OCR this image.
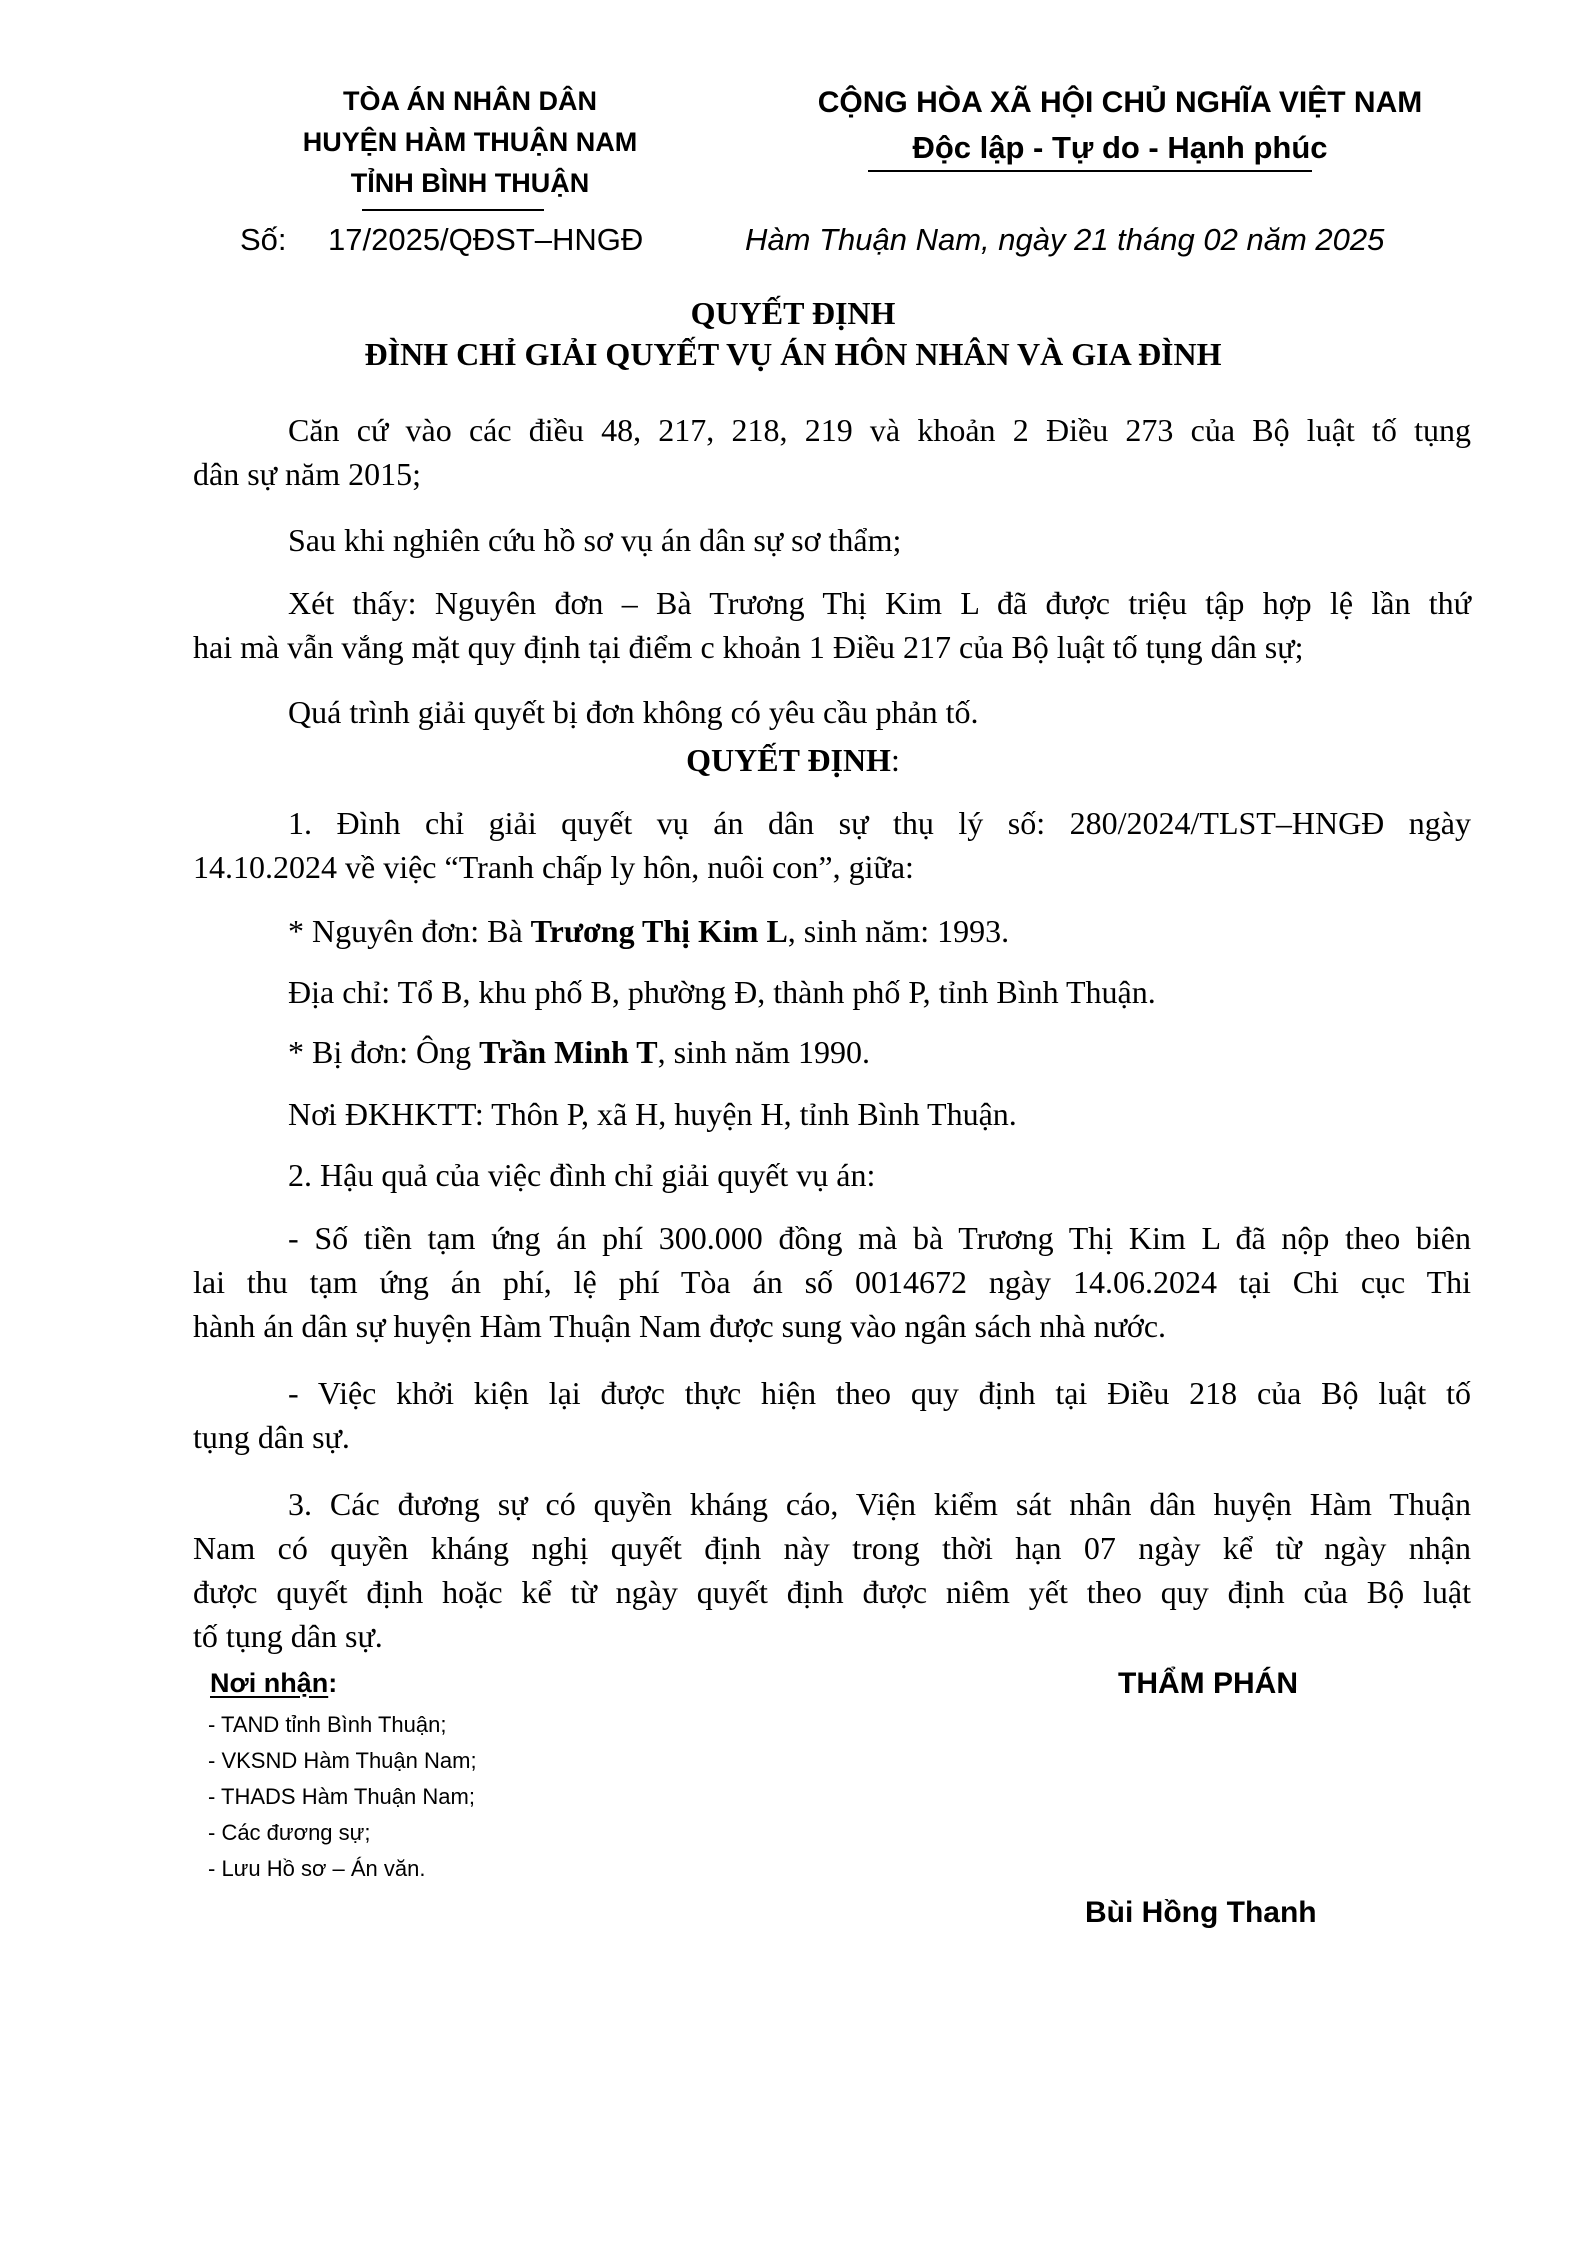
TÒA ÁN NHÂN DÂN
HUYỆN HÀM THUẬN NAM
TỈNH BÌNH THUẬN
CỘNG HÒA XÃ HỘI CHỦ NGHĨA VIỆT NAM
Độc lập - Tự do - Hạnh phúc
Số: 17/2025/QĐST–HNGĐ	Hàm Thuận Nam, ngày 21 tháng 02 năm 2025
QUYẾT ĐỊNH
ĐÌNH CHỈ GIẢI QUYẾT VỤ ÁN HÔN NHÂN VÀ GIA ĐÌNH
Căn cứ vào các điều 48, 217, 218, 219 và khoản 2 Điều 273 của Bộ luật tố tụng
dân sự năm 2015;
Sau khi nghiên cứu hồ sơ vụ án dân sự sơ thẩm;
Xét thấy: Nguyên đơn – Bà Trương Thị Kim L đã được triệu tập hợp lệ lần thứ
hai mà vẫn vắng mặt quy định tại điểm c khoản 1 Điều 217 của Bộ luật tố tụng dân sự;
Quá trình giải quyết bị đơn không có yêu cầu phản tố.
QUYẾT ĐỊNH:
1. Đình chỉ giải quyết vụ án dân sự thụ lý số: 280/2024/TLST–HNGĐ ngày
14.10.2024 về việc “Tranh chấp ly hôn, nuôi con”, giữa:
* Nguyên đơn: Bà Trương Thị Kim L, sinh năm: 1993.
Địa chỉ: Tổ B, khu phố B, phường Đ, thành phố P, tỉnh Bình Thuận.
* Bị đơn: Ông Trần Minh T, sinh năm 1990.
Nơi ĐKHKTT: Thôn P, xã H, huyện H, tỉnh Bình Thuận.
2. Hậu quả của việc đình chỉ giải quyết vụ án:
- Số tiền tạm ứng án phí 300.000 đồng mà bà Trương Thị Kim L đã nộp theo biên
lai thu tạm ứng án phí, lệ phí Tòa án số 0014672 ngày 14.06.2024 tại Chi cục Thi
hành án dân sự huyện Hàm Thuận Nam được sung vào ngân sách nhà nước.
- Việc khởi kiện lại được thực hiện theo quy định tại Điều 218 của Bộ luật tố
tụng dân sự.
3. Các đương sự có quyền kháng cáo, Viện kiểm sát nhân dân huyện Hàm Thuận
Nam có quyền kháng nghị quyết định này trong thời hạn 07 ngày kể từ ngày nhận
được quyết định hoặc kể từ ngày quyết định được niêm yết theo quy định của Bộ luật
tố tụng dân sự.
Nơi nhận:
- TAND tỉnh Bình Thuận;
- VKSND Hàm Thuận Nam;
- THADS Hàm Thuận Nam;
- Các đương sự;
- Lưu Hồ sơ – Án văn.
THẨM PHÁN
Bùi Hồng Thanh
